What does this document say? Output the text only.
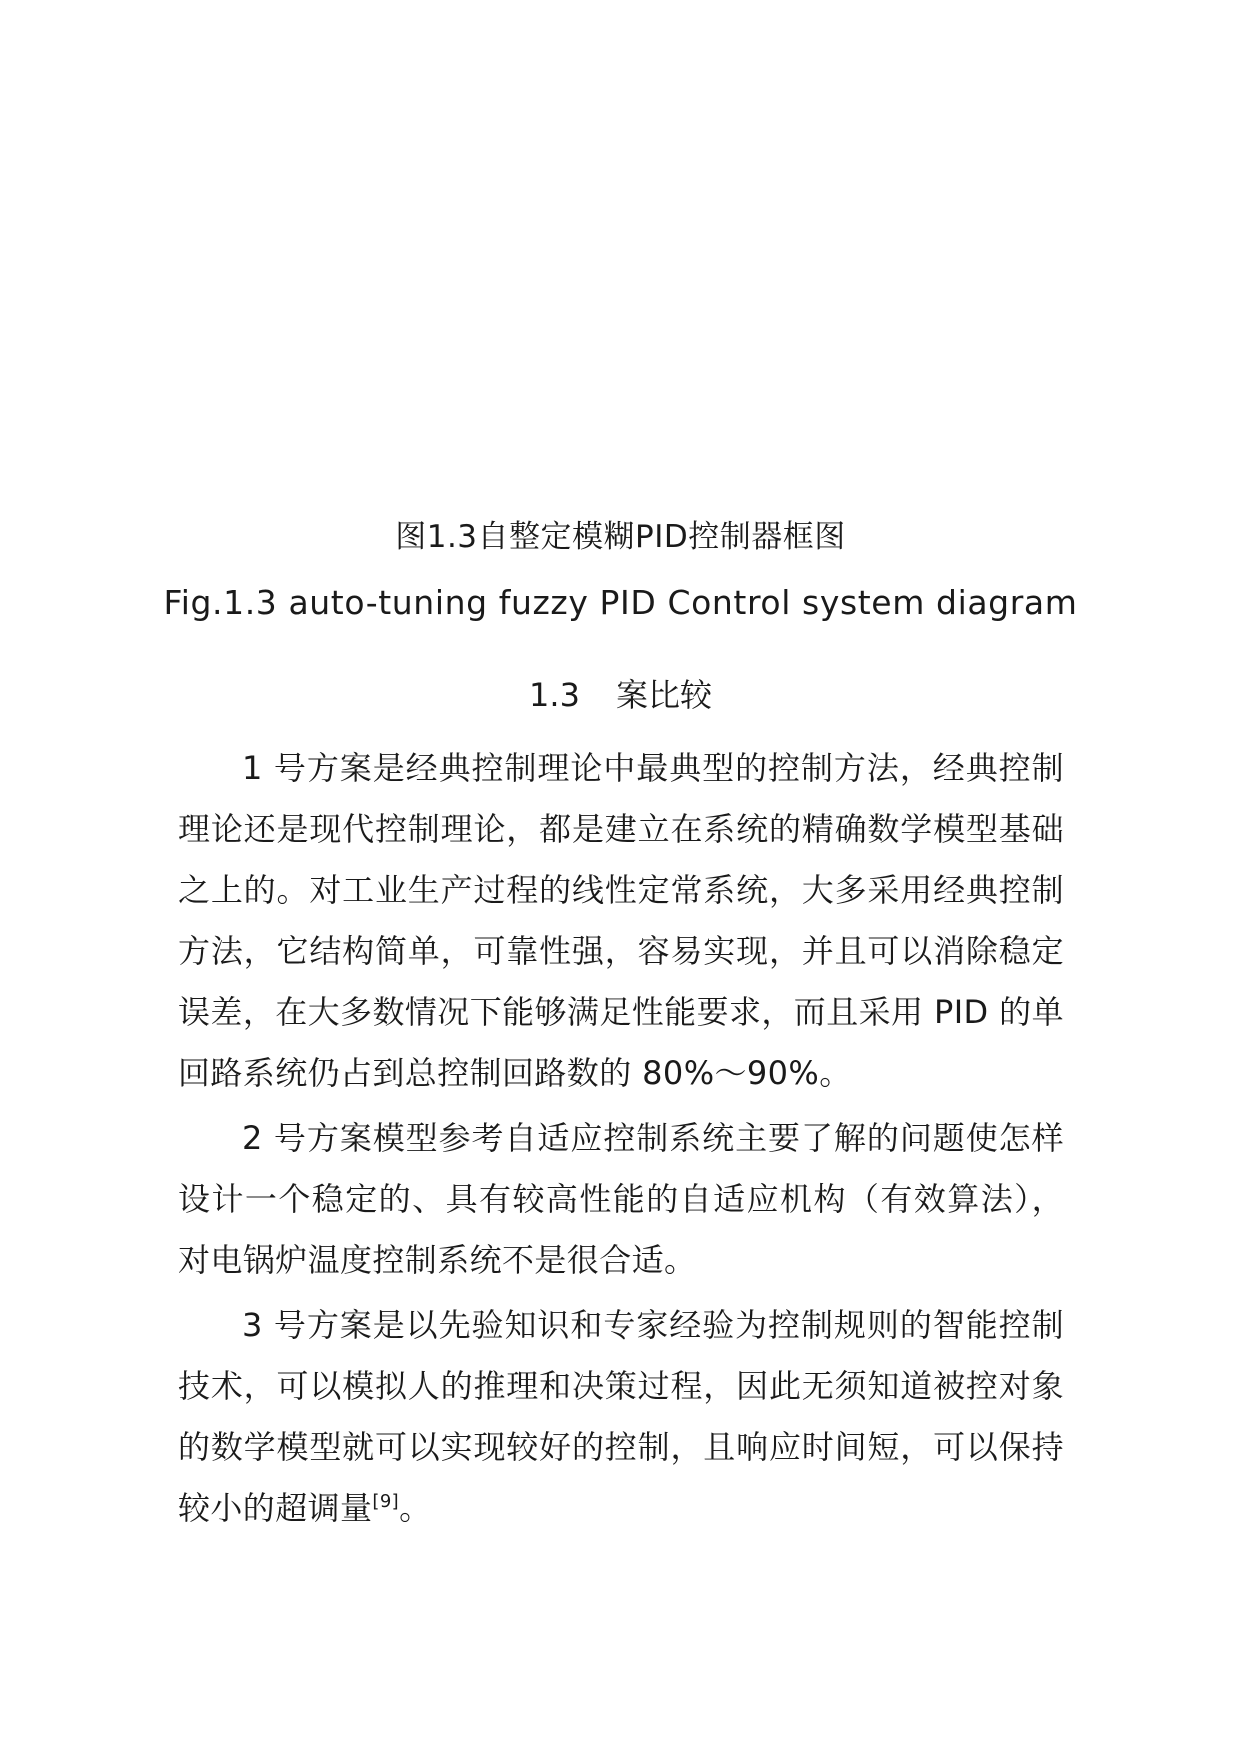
图1.3自整定模糊PID控制器框图
Fig.1.3 auto-tuning fuzzy PID Control system diagram
1.3 案比较

1 号方案是经典控制理论中最典型的控制方法，经典控制理论还是现代控制理论，都是建立在系统的精确数学模型基础之上的。对工业生产过程的线性定常系统，大多采用经典控制方法，它结构简单，可靠性强，容易实现，并且可以消除稳定误差，在大多数情况下能够满足性能要求，而且采用 PID 的单回路系统仍占到总控制回路数的 80%～90%。

2 号方案模型参考自适应控制系统主要了解的问题使怎样设计一个稳定的、具有较高性能的自适应机构（有效算法），对电锅炉温度控制系统不是很合适。

3 号方案是以先验知识和专家经验为控制规则的智能控制技术，可以模拟人的推理和决策过程，因此无须知道被控对象的数学模型就可以实现较好的控制，且响应时间短，可以保持较小的超调量[9]。
